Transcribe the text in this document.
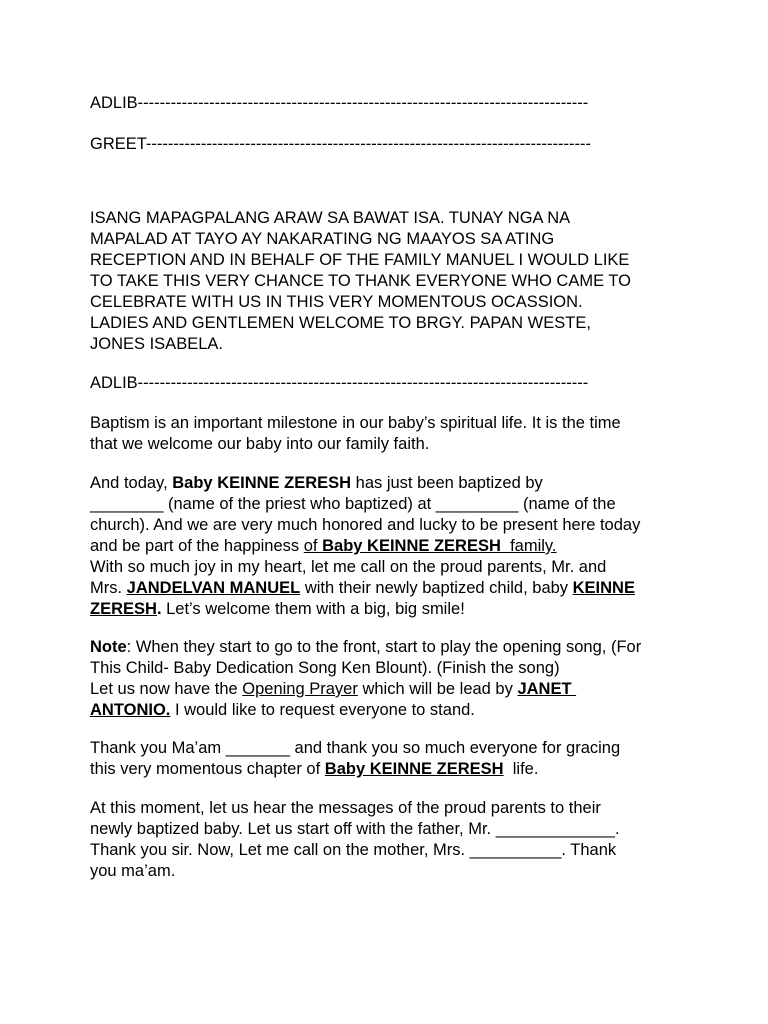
ADLIB----------------------------------------------------------------------------------

GREET---------------------------------------------------------------------------------

ISANG MAPAGPALANG ARAW SA BAWAT ISA. TUNAY NGA NA
MAPALAD AT TAYO AY NAKARATING NG MAAYOS SA ATING
RECEPTION AND IN BEHALF OF THE FAMILY MANUEL I WOULD LIKE
TO TAKE THIS VERY CHANCE TO THANK EVERYONE WHO CAME TO
CELEBRATE WITH US IN THIS VERY MOMENTOUS OCASSION.
LADIES AND GENTLEMEN WELCOME TO BRGY. PAPAN WESTE,
JONES ISABELA.

ADLIB----------------------------------------------------------------------------------

Baptism is an important milestone in our baby’s spiritual life. It is the time
that we welcome our baby into our family faith.

And today, Baby KEINNE ZERESH has just been baptized by
________ (name of the priest who baptized) at _________ (name of the
church). And we are very much honored and lucky to be present here today
and be part of the happiness of Baby KEINNE ZERESH  family.
With so much joy in my heart, let me call on the proud parents, Mr. and
Mrs. JANDELVAN MANUEL with their newly baptized child, baby KEINNE
ZERESH. Let’s welcome them with a big, big smile!

Note: When they start to go to the front, start to play the opening song, (For
This Child- Baby Dedication Song Ken Blount). (Finish the song)
Let us now have the Opening Prayer which will be lead by JANET
ANTONIO. I would like to request everyone to stand.

Thank you Ma’am _______ and thank you so much everyone for gracing
this very momentous chapter of Baby KEINNE ZERESH  life.

At this moment, let us hear the messages of the proud parents to their
newly baptized baby. Let us start off with the father, Mr. _____________.
Thank you sir. Now, Let me call on the mother, Mrs. __________. Thank
you ma’am.
